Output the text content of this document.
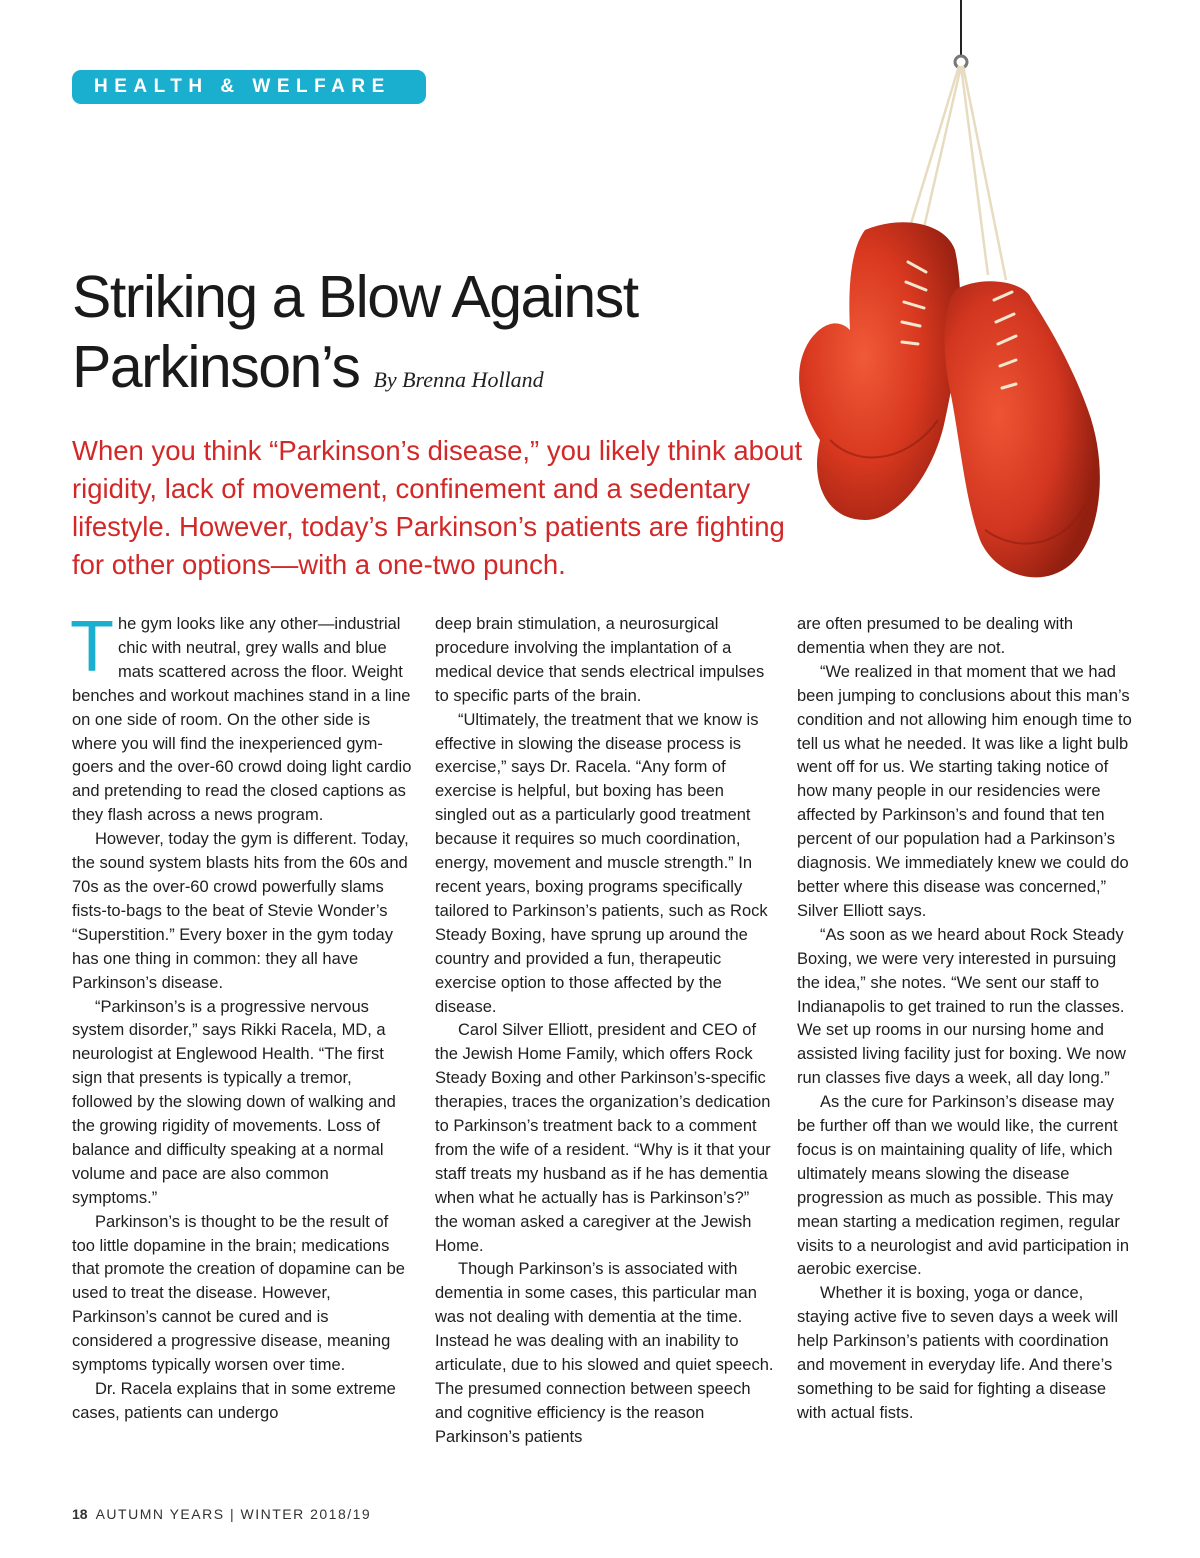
HEALTH & WELFARE
Striking a Blow Against
Parkinson’s By Brenna Holland

When you think “Parkinson’s disease,” you likely think about rigidity, lack of movement, confinement and a sedentary lifestyle. However, today’s Parkinson’s patients are fighting for other options—with a one-two punch.

The gym looks like any other—industrial chic with neutral, grey walls and blue mats scattered across the floor. Weight benches and workout machines stand in a line on one side of room. On the other side is where you will find the inexperienced gym-goers and the over-60 crowd doing light cardio and pretending to read the closed captions as they flash across a news program.

However, today the gym is different. Today, the sound system blasts hits from the 60s and 70s as the over-60 crowd powerfully slams fists-to-bags to the beat of Stevie Wonder’s “Superstition.” Every boxer in the gym today has one thing in common: they all have Parkinson’s disease.

“Parkinson’s is a progressive nervous system disorder,” says Rikki Racela, MD, a neurologist at Englewood Health. “The first sign that presents is typically a tremor, followed by the slowing down of walking and the growing rigidity of movements. Loss of balance and difficulty speaking at a normal volume and pace are also common symptoms.”

Parkinson’s is thought to be the result of too little dopamine in the brain; medications that promote the creation of dopamine can be used to treat the disease. However, Parkinson’s cannot be cured and is considered a progressive disease, meaning symptoms typically worsen over time.

Dr. Racela explains that in some extreme cases, patients can undergo

deep brain stimulation, a neurosurgical procedure involving the implantation of a medical device that sends electrical impulses to specific parts of the brain.

“Ultimately, the treatment that we know is effective in slowing the disease process is exercise,” says Dr. Racela. “Any form of exercise is helpful, but boxing has been singled out as a particularly good treatment because it requires so much coordination, energy, movement and muscle strength.” In recent years, boxing programs specifically tailored to Parkinson’s patients, such as Rock Steady Boxing, have sprung up around the country and provided a fun, therapeutic exercise option to those affected by the disease.

Carol Silver Elliott, president and CEO of the Jewish Home Family, which offers Rock Steady Boxing and other Parkinson’s-specific therapies, traces the organization’s dedication to Parkinson’s treatment back to a comment from the wife of a resident. “Why is it that your staff treats my husband as if he has dementia when what he actually has is Parkinson’s?” the woman asked a caregiver at the Jewish Home.

Though Parkinson’s is associated with dementia in some cases, this particular man was not dealing with dementia at the time. Instead he was dealing with an inability to articulate, due to his slowed and quiet speech. The presumed connection between speech and cognitive efficiency is the reason Parkinson’s patients

are often presumed to be dealing with dementia when they are not.

“We realized in that moment that we had been jumping to conclusions about this man’s condition and not allowing him enough time to tell us what he needed. It was like a light bulb went off for us. We starting taking notice of how many people in our residencies were affected by Parkinson’s and found that ten percent of our population had a Parkinson’s diagnosis. We immediately knew we could do better where this disease was concerned,” Silver Elliott says.

“As soon as we heard about Rock Steady Boxing, we were very interested in pursuing the idea,” she notes. “We sent our staff to Indianapolis to get trained to run the classes. We set up rooms in our nursing home and assisted living facility just for boxing. We now run classes five days a week, all day long.”

As the cure for Parkinson’s disease may be further off than we would like, the current focus is on maintaining quality of life, which ultimately means slowing the disease progression as much as possible. This may mean starting a medication regimen, regular visits to a neurologist and avid participation in aerobic exercise.

Whether it is boxing, yoga or dance, staying active five to seven days a week will help Parkinson’s patients with coordination and movement in everyday life. And there’s something to be said for fighting a disease with actual fists.

18 AUTUMN YEARS | WINTER 2018/19
